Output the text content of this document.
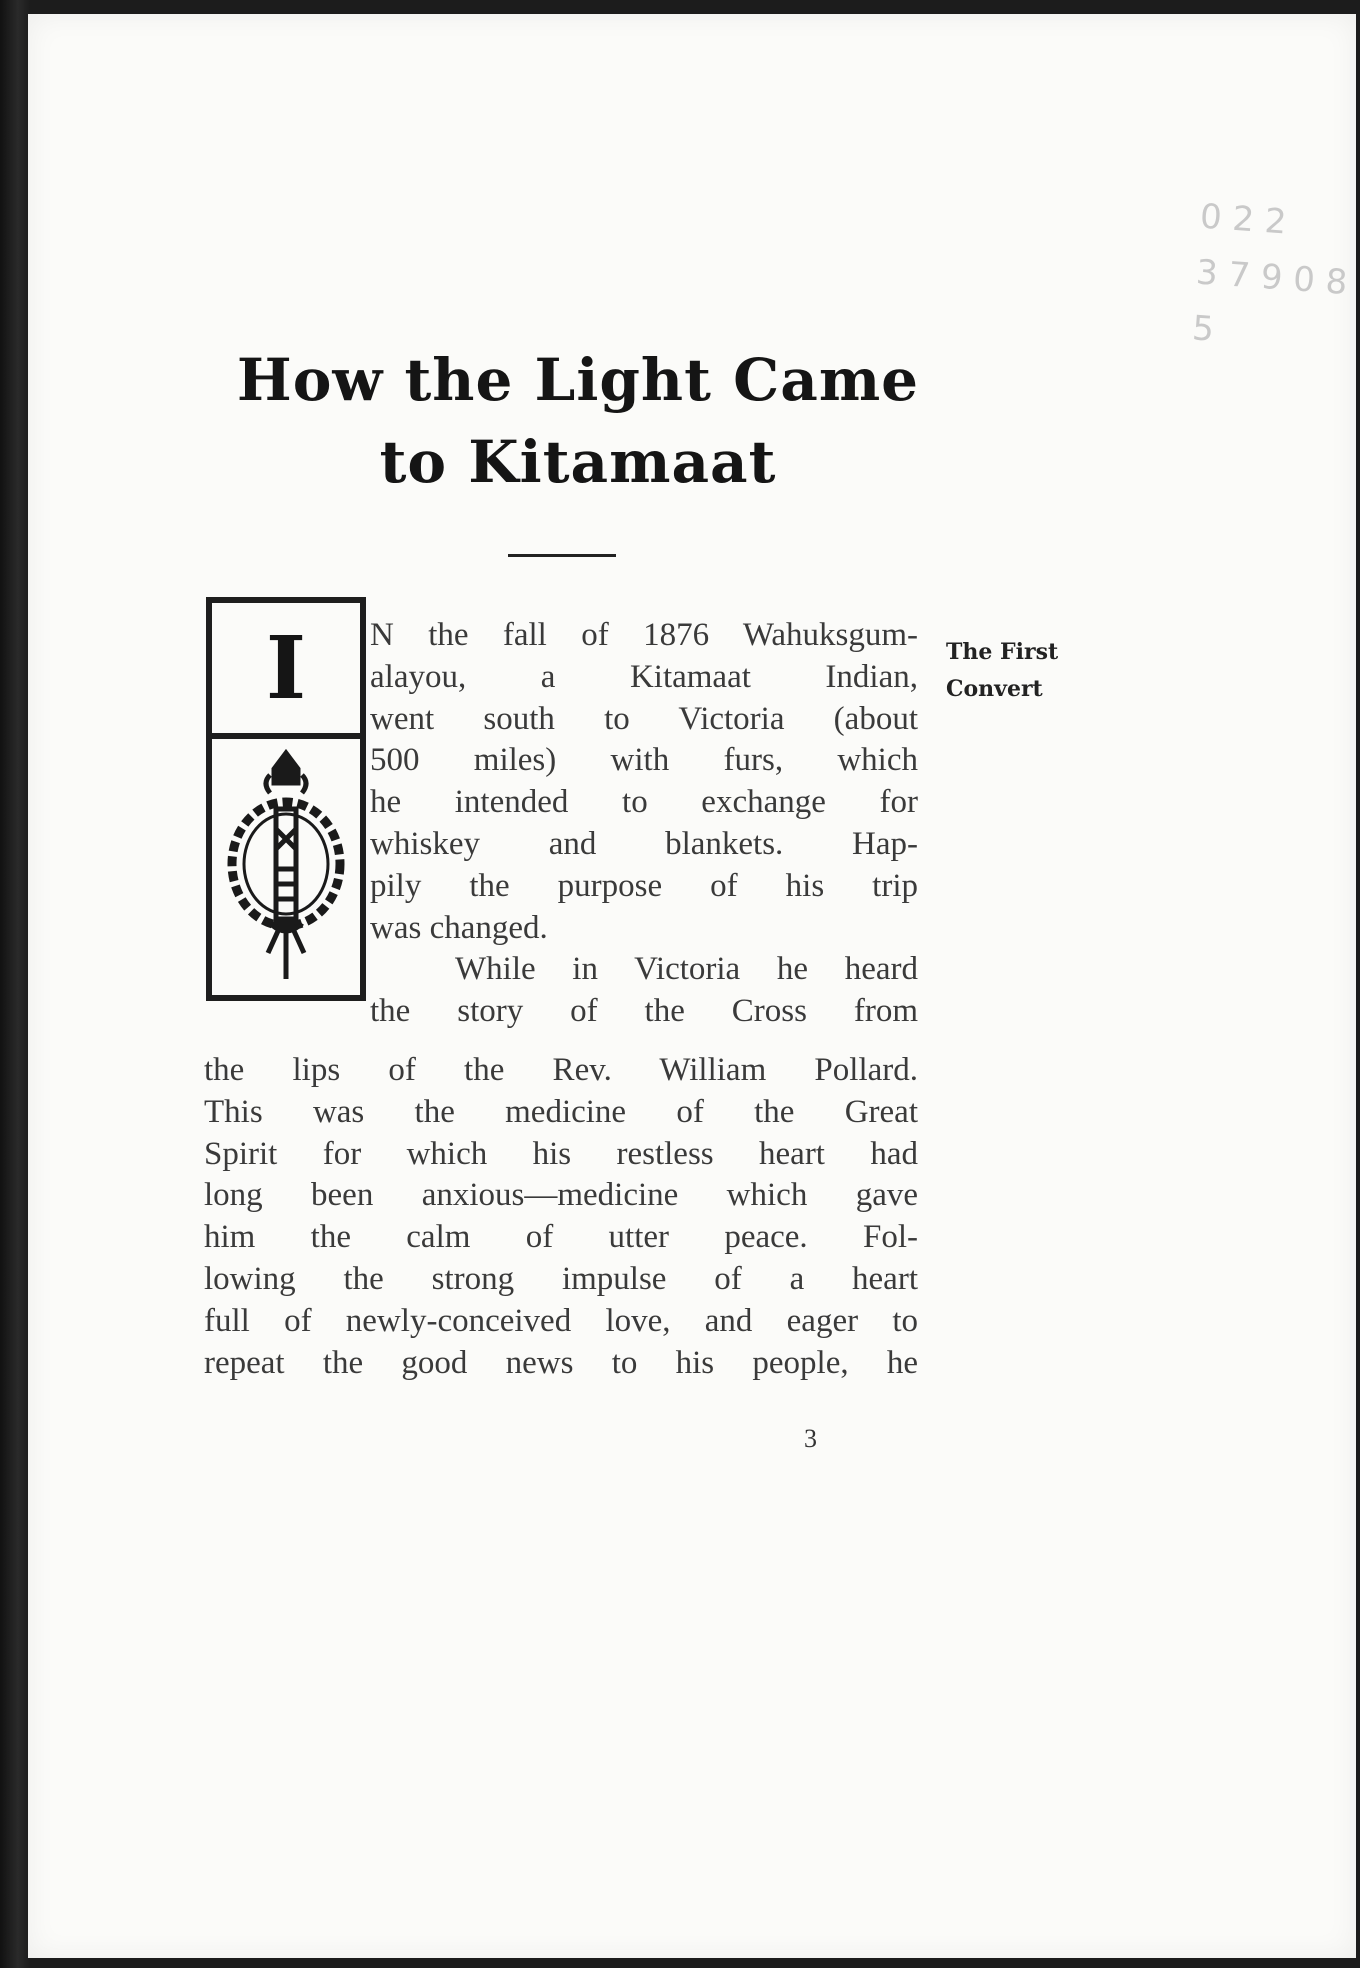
0 2 2
3 7 9 0 8 5
How the Light Came
to Kitamaat
I	N the fall of 1876 Wahuksgum-
alayou, a Kitamaat Indian,
went south to Victoria (about
500 miles) with furs, which
he intended to exchange for
whiskey and blankets. Hap-
pily the purpose of his trip
was changed.
While in Victoria he heard
the story of the Cross from
the lips of the Rev. William Pollard.
This was the medicine of the Great
Spirit for which his restless heart had
long been anxious—medicine which gave
him the calm of utter peace. Fol-
lowing the strong impulse of a heart
full of newly-conceived love, and eager to
repeat the good news to his people, he
The First
Convert
3
